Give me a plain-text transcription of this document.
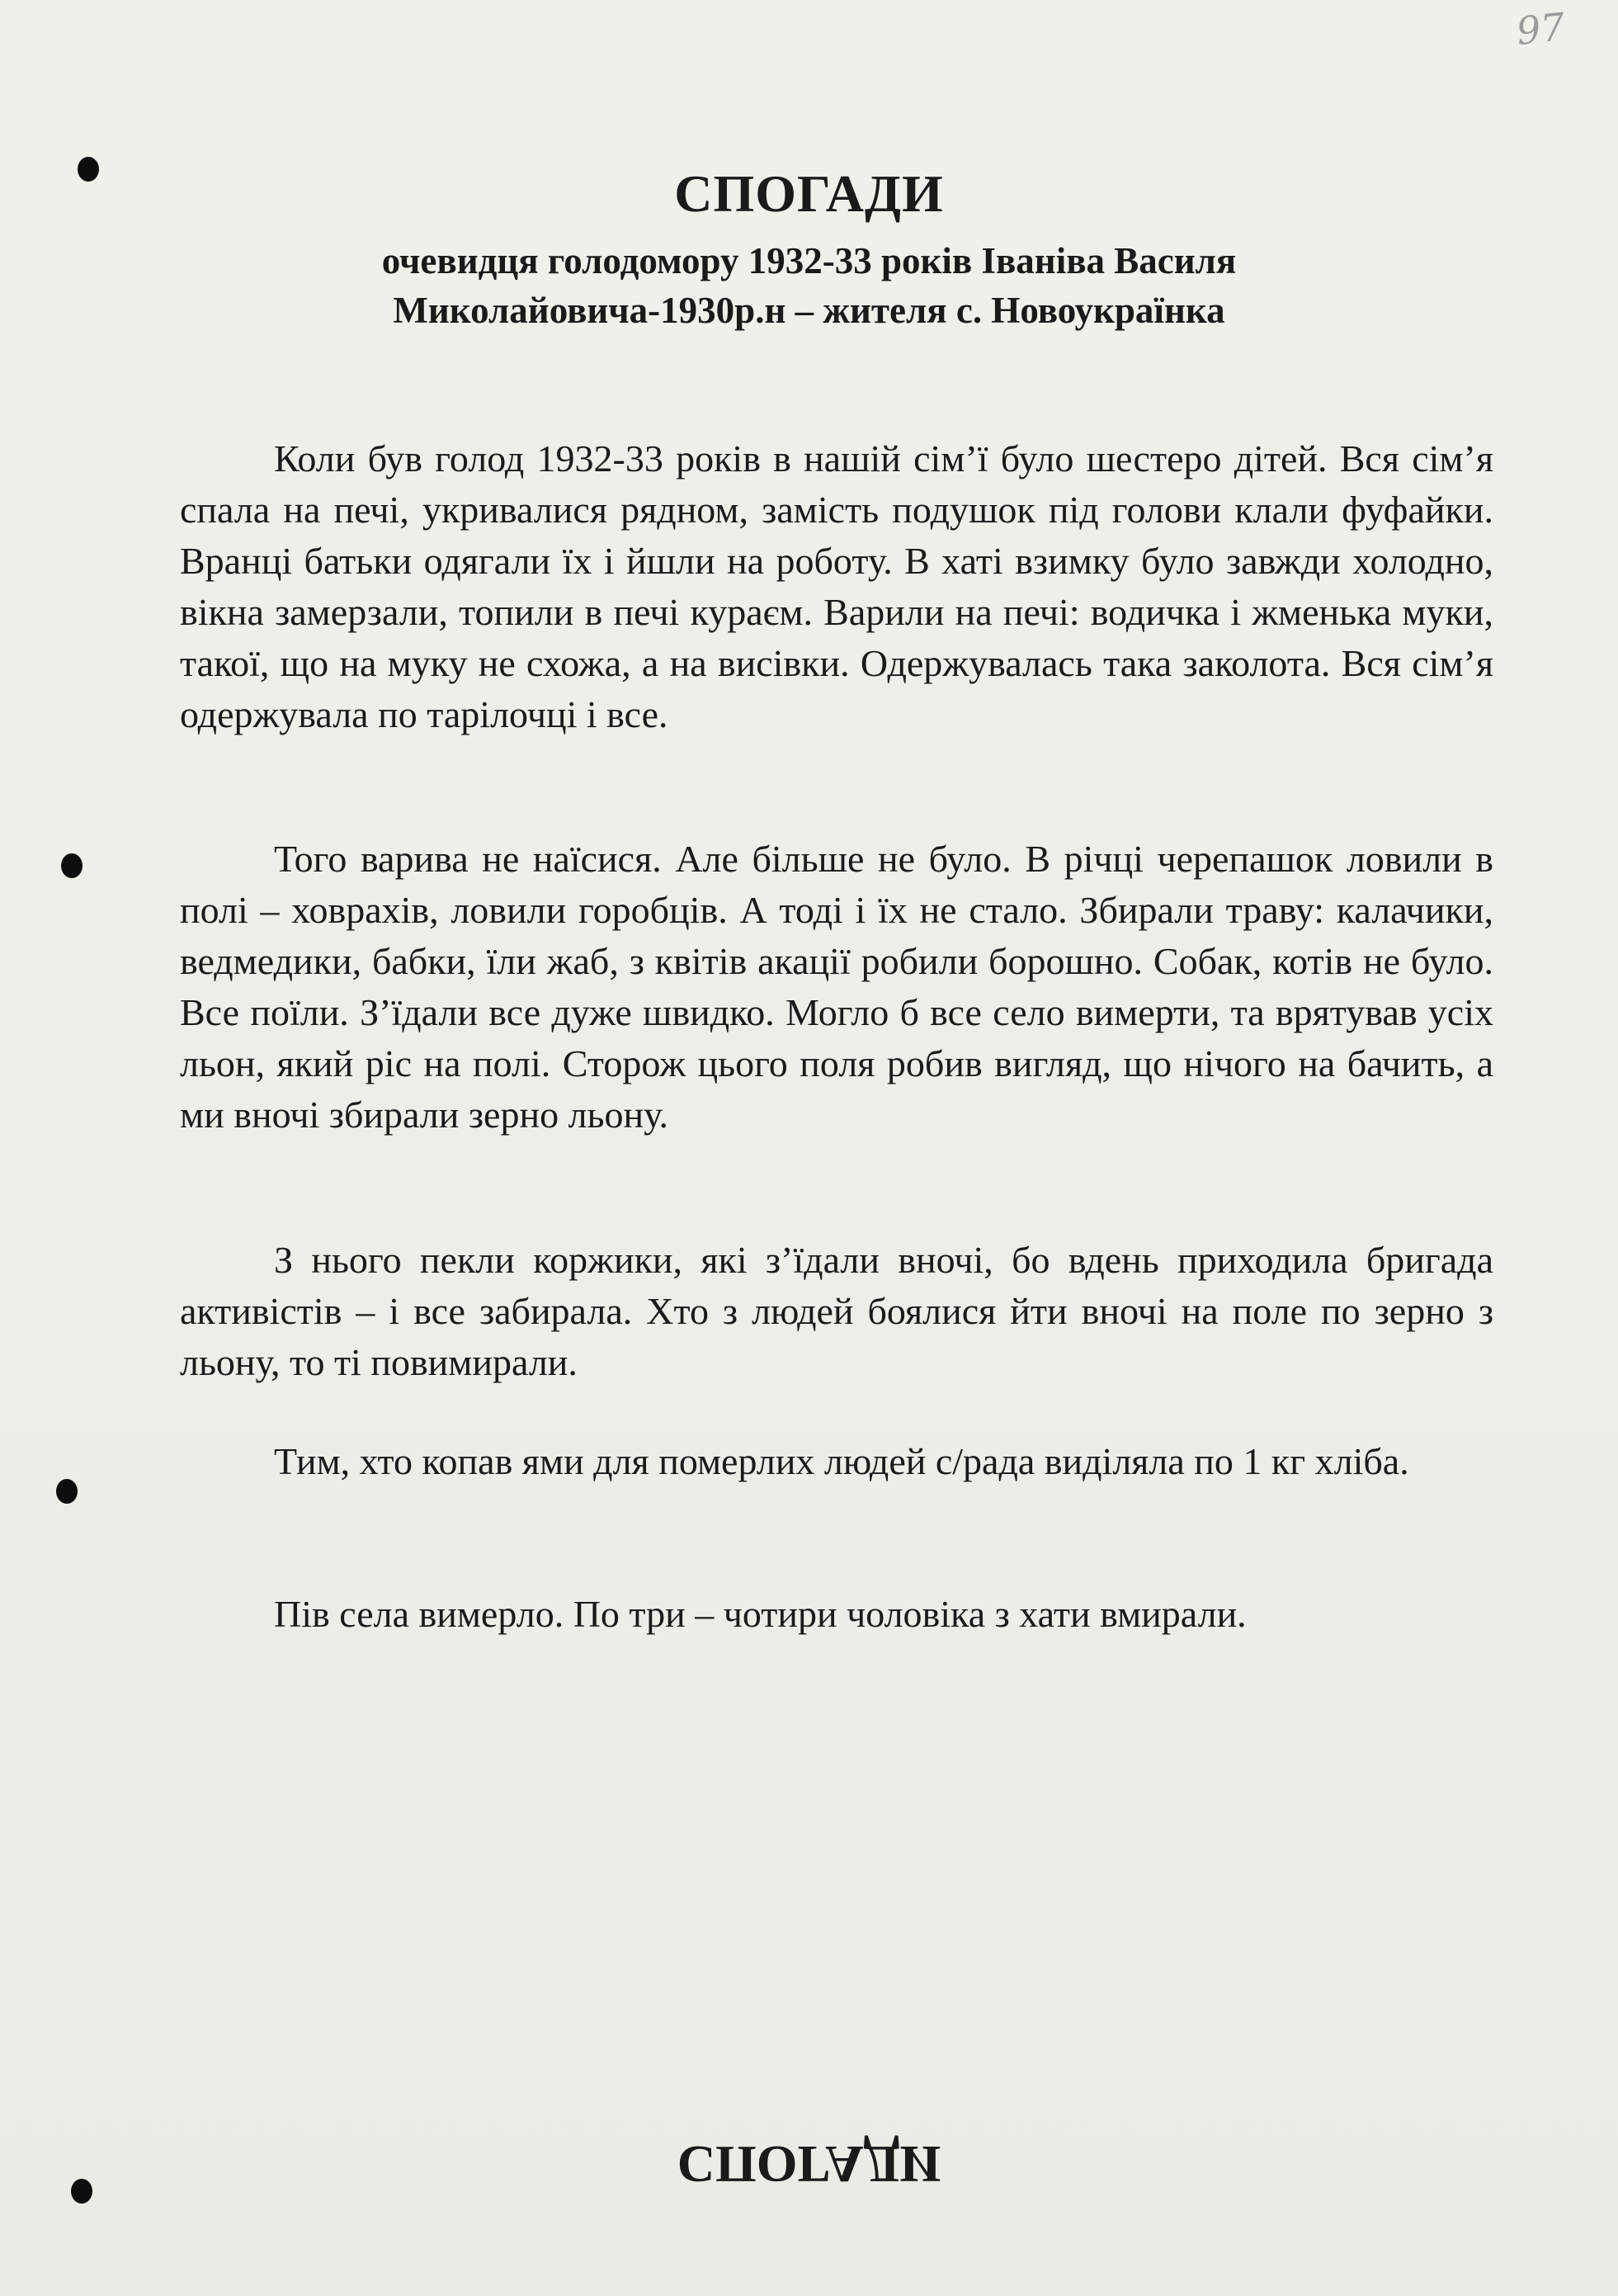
97
СПОГАДИ

очевидця голодомору 1932-33 років Іваніва Василя

Миколайовича-1930р.н – жителя с. Новоукраїнка

Коли був голод 1932-33 років в нашій сім’ї було шестеро дітей. Вся сім’я спала на печі, укривалися рядном, замість подушок під голови клали фуфайки. Вранці батьки одягали їх і йшли на роботу. В хаті взимку було завжди холодно, вікна замерзали, топили в печі кураєм. Варили на печі: водичка і жменька муки, такої, що на муку не схожа, а на висівки. Одержувалась така заколота. Вся сім’я одержувала по тарілочці і все.

Того варива не наїсися. Але більше не було. В річці черепашок ловили в полі – ховрахів, ловили горобців. А тоді і їх не стало. Збирали траву: калачики, ведмедики, бабки, їли жаб, з квітів акації робили борошно. Собак, котів не було. Все поїли. З’їдали все дуже швидко. Могло б все село вимерти, та врятував усіх льон, який ріс на полі. Сторож цього поля робив вигляд, що нічого на бачить, а ми вночі збирали зерно льону.

З нього пекли коржики, які з’їдали вночі, бо вдень приходила бригада активістів – і все забирала. Хто з людей боялися йти вночі на поле по зерно з льону, то ті повимирали.

Тим, хто копав ями для померлих людей с/рада виділяла по 1 кг хліба.

Пів села вимерло. По три – чотири чоловіка з хати вмирали.

СПОГАДИ
